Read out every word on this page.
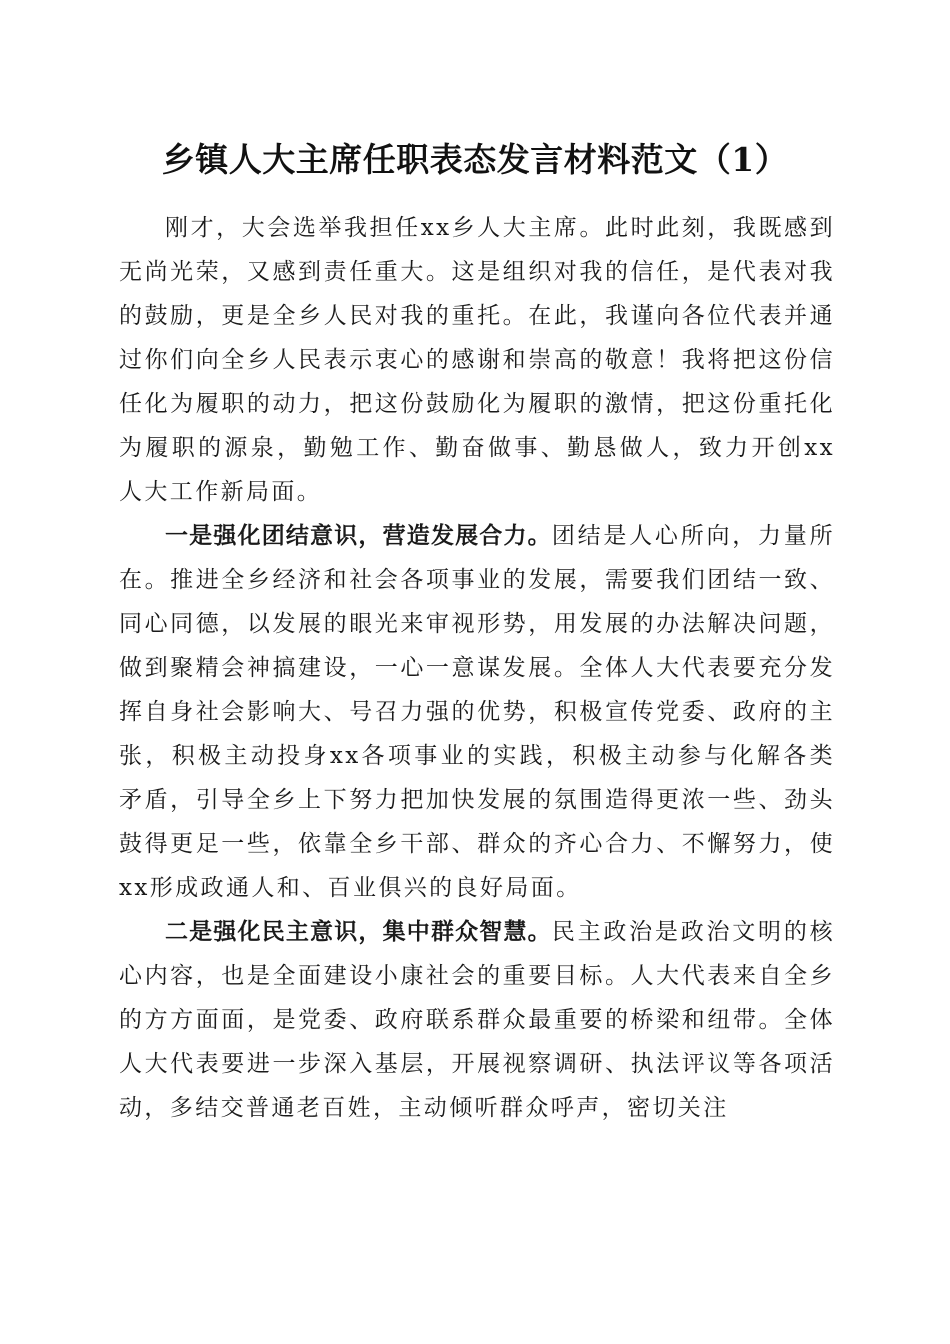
乡镇人大主席任职表态发言材料范文（1）

刚才，大会选举我担任xx乡人大主席。此时此刻，我既感到无尚光荣，又感到责任重大。这是组织对我的信任，是代表对我的鼓励，更是全乡人民对我的重托。在此，我谨向各位代表并通过你们向全乡人民表示衷心的感谢和崇高的敬意！我将把这份信任化为履职的动力，把这份鼓励化为履职的激情，把这份重托化为履职的源泉，勤勉工作、勤奋做事、勤恳做人，致力开创xx人大工作新局面。

一是强化团结意识，营造发展合力。团结是人心所向，力量所在。推进全乡经济和社会各项事业的发展，需要我们团结一致、同心同德，以发展的眼光来审视形势，用发展的办法解决问题，做到聚精会神搞建设，一心一意谋发展。全体人大代表要充分发挥自身社会影响大、号召力强的优势，积极宣传党委、政府的主张，积极主动投身xx各项事业的实践，积极主动参与化解各类矛盾，引导全乡上下努力把加快发展的氛围造得更浓一些、劲头鼓得更足一些，依靠全乡干部、群众的齐心合力、不懈努力，使xx形成政通人和、百业俱兴的良好局面。

二是强化民主意识，集中群众智慧。民主政治是政治文明的核心内容，也是全面建设小康社会的重要目标。人大代表来自全乡的方方面面，是党委、政府联系群众最重要的桥梁和纽带。全体人大代表要进一步深入基层，开展视察调研、执法评议等各项活动，多结交普通老百姓，主动倾听群众呼声，密切关注
